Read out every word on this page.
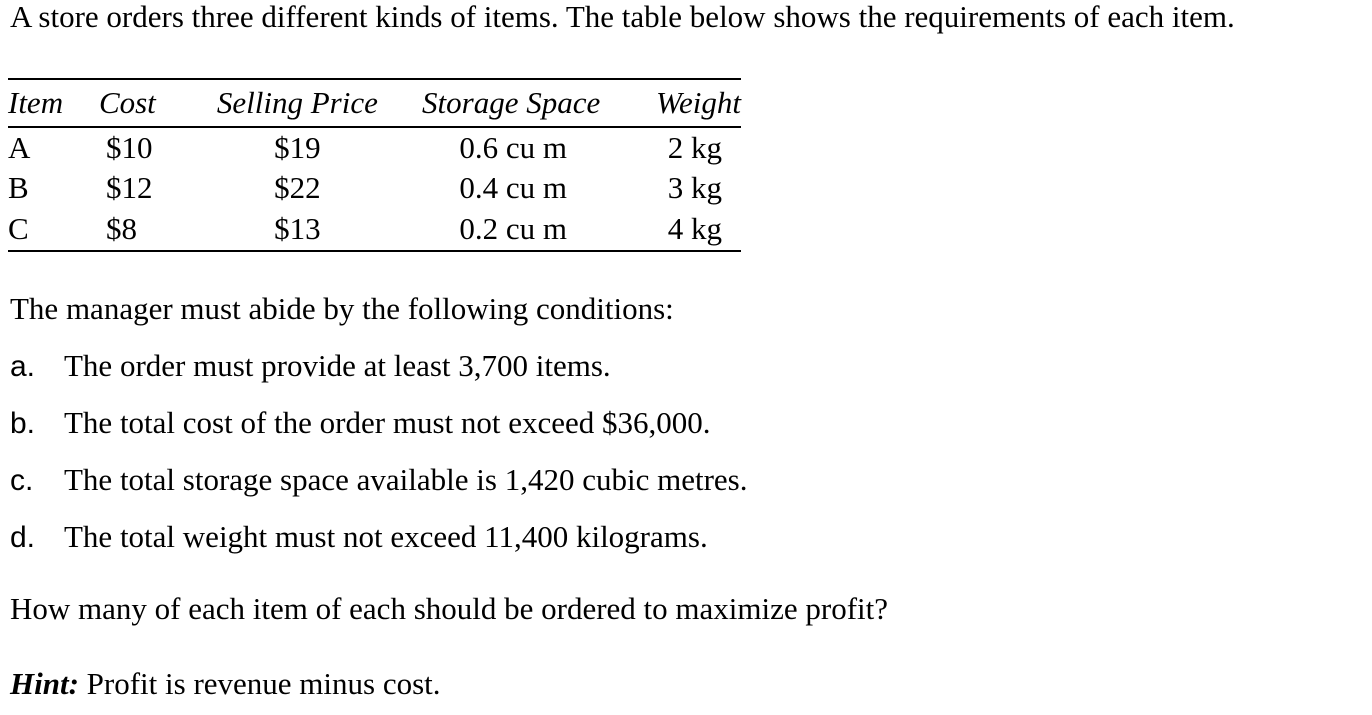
A store orders three different kinds of items. The table below shows the requirements of each item.
Item	Cost	Selling Price	Storage Space	Weight
A	$10	$19	0.6 cu m	2 kg
B	$12	$22	0.4 cu m	3 kg
C	$8	$13	0.2 cu m	4 kg
The manager must abide by the following conditions:
a. The order must provide at least 3,700 items.
b. The total cost of the order must not exceed $36,000.
c. The total storage space available is 1,420 cubic metres.
d. The total weight must not exceed 11,400 kilograms.
How many of each item of each should be ordered to maximize profit?
Hint: Profit is revenue minus cost.
